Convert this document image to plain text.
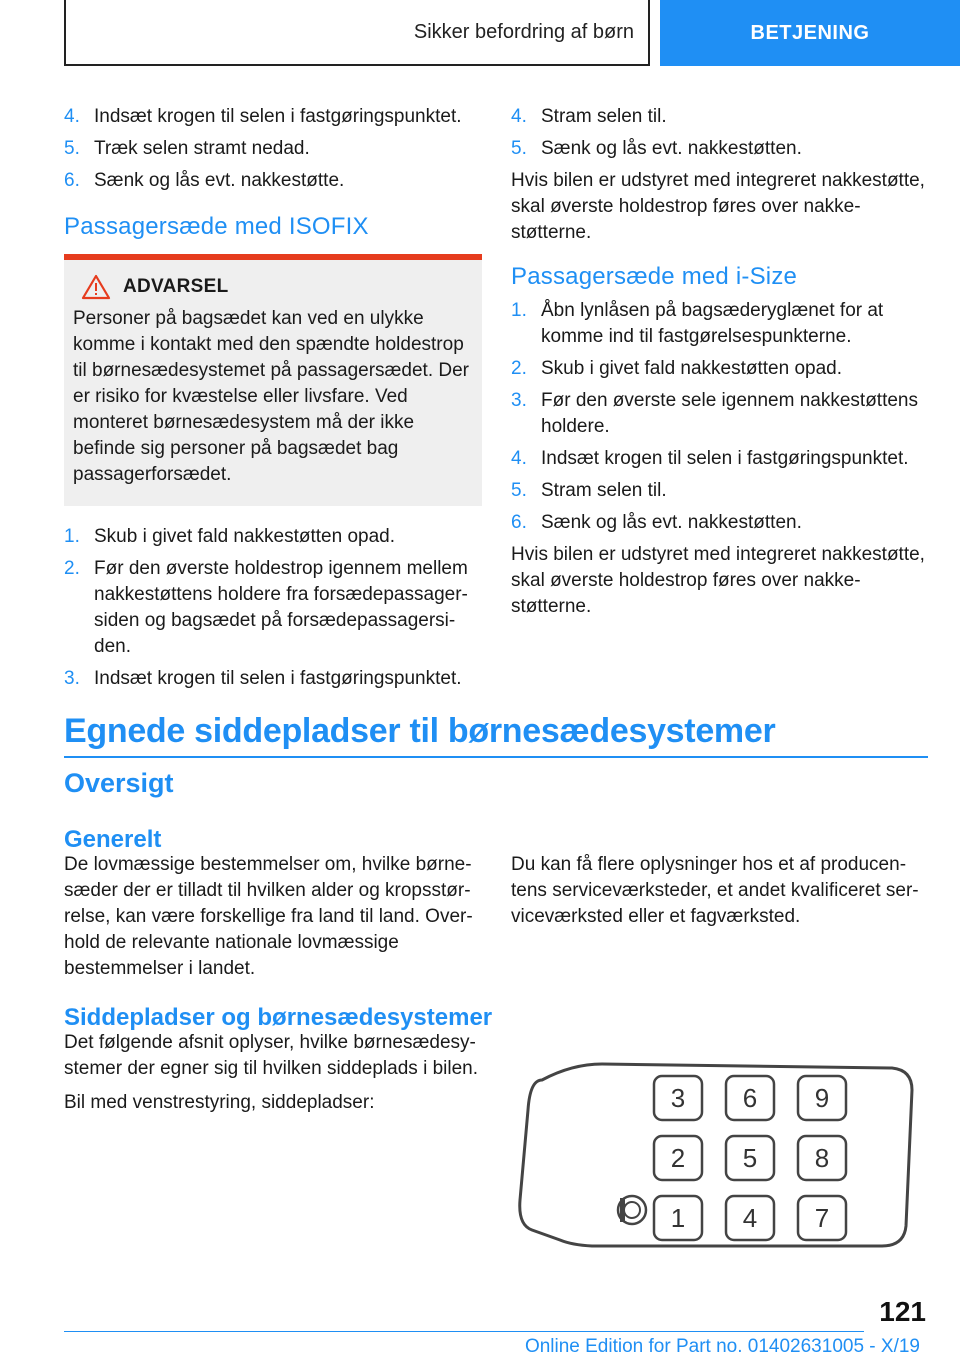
Sikker befordring af børn	BETJENING
4. Indsæt krogen til selen i fastgøringspunktet.
5. Træk selen stramt nedad.
6. Sænk og lås evt. nakkestøtte.
Passagersæde med ISOFIX
ADVARSEL
Personer på bagsædet kan ved en ulykke komme i kontakt med den spændte holdestrop til børnesædesystemet på passagersædet. Der er risiko for kvæstelse eller livsfare. Ved monteret børnesædesystem må der ikke befinde sig personer på bagsædet bag passagerforsædet.
1. Skub i givet fald nakkestøtten opad.
2. Før den øverste holdestrop igennem mellem nakkestøttens holdere fra forsædepassagersiden og bagsædet på forsædepassagersiden.
3. Indsæt krogen til selen i fastgøringspunktet.
4. Stram selen til.
5. Sænk og lås evt. nakkestøtten.

Hvis bilen er udstyret med integreret nakkestøtte, skal øverste holdestrop føres over nakkestøtterne.

Passagersæde med i-Size
1. Åbn lynlåsen på bagsæderyglænet for at komme ind til fastgørelsespunkterne.
2. Skub i givet fald nakkestøtten opad.
3. Før den øverste sele igennem nakkestøttens holdere.
4. Indsæt krogen til selen i fastgøringspunktet.
5. Stram selen til.
6. Sænk og lås evt. nakkestøtten.

Hvis bilen er udstyret med integreret nakkestøtte, skal øverste holdestrop føres over nakkestøtterne.

Egnede siddepladser til børnesædesystemer
Oversigt
Generelt
De lovmæssige bestemmelser om, hvilke børnesæder der er tilladt til hvilken alder og kropsstørrelse, kan være forskellige fra land til land. Overhold de relevante nationale lovmæssige bestemmelser i landet.
Du kan få flere oplysninger hos et af producentens serviceværksteder, et andet kvalificeret serviceværksted eller et fagværksted.
Siddepladser og børnesædesystemer

Det følgende afsnit oplyser, hvilke børnesædesystemer der egner sig til hvilken siddeplads i bilen.

Bil med venstrestyring, siddepladser:	3 6 9
2 5 8
1 4 7
121
Online Edition for Part no. 01402631005 - X/19
